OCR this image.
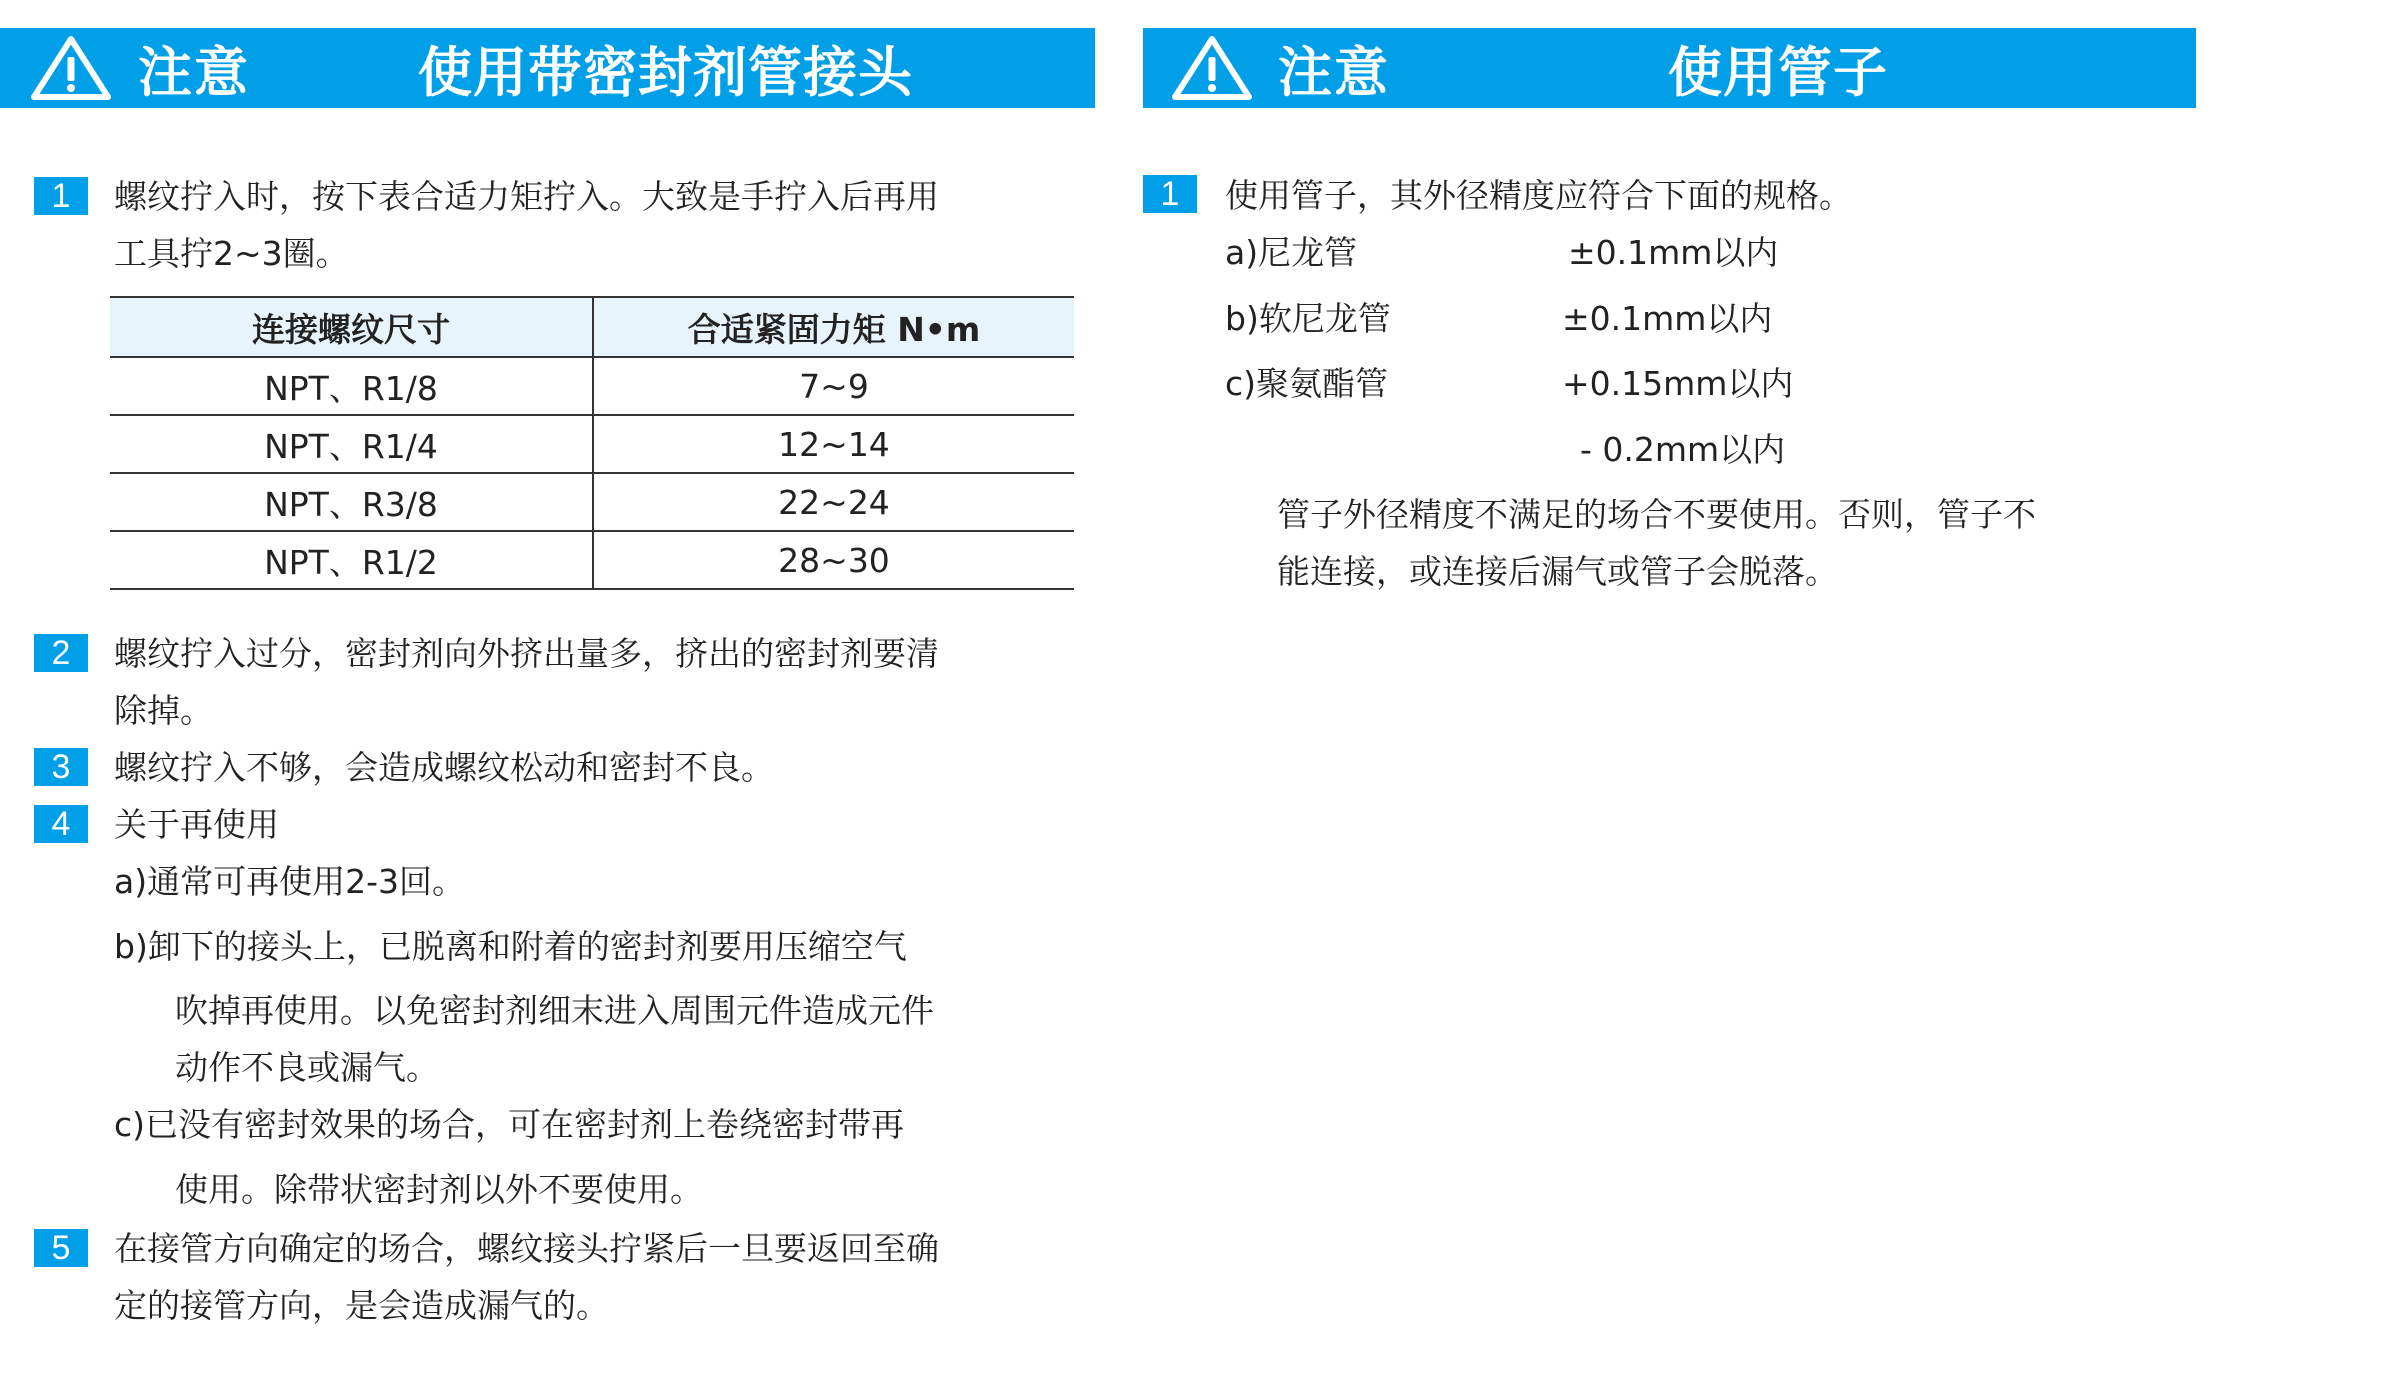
注意	使用带密封剂管接头	注意	使用管子
1	螺纹拧入时，按下表合适力矩拧入。大致是手拧入后再用
工具拧2~3圈。
连接螺纹尺寸	合适紧固力矩 N•m
NPT、R1/8	7~9
NPT、R1/4	12~14
NPT、R3/8	22~24
NPT、R1/2	28~30
2	螺纹拧入过分，密封剂向外挤出量多，挤出的密封剂要清
除掉。
3	螺纹拧入不够，会造成螺纹松动和密封不良。
4	关于再使用
a)通常可再使用2-3回。
b)卸下的接头上，已脱离和附着的密封剂要用压缩空气
吹掉再使用。以免密封剂细末进入周围元件造成元件
动作不良或漏气。
c)已没有密封效果的场合，可在密封剂上卷绕密封带再
使用。除带状密封剂以外不要使用。
5	在接管方向确定的场合，螺纹接头拧紧后一旦要返回至确
定的接管方向，是会造成漏气的。
1	使用管子，其外径精度应符合下面的规格。
a)尼龙管	±0.1mm以内
b)软尼龙管	±0.1mm以内
c)聚氨酯管	+0.15mm以内
- 0.2mm以内
管子外径精度不满足的场合不要使用。否则，管子不
能连接，或连接后漏气或管子会脱落。
